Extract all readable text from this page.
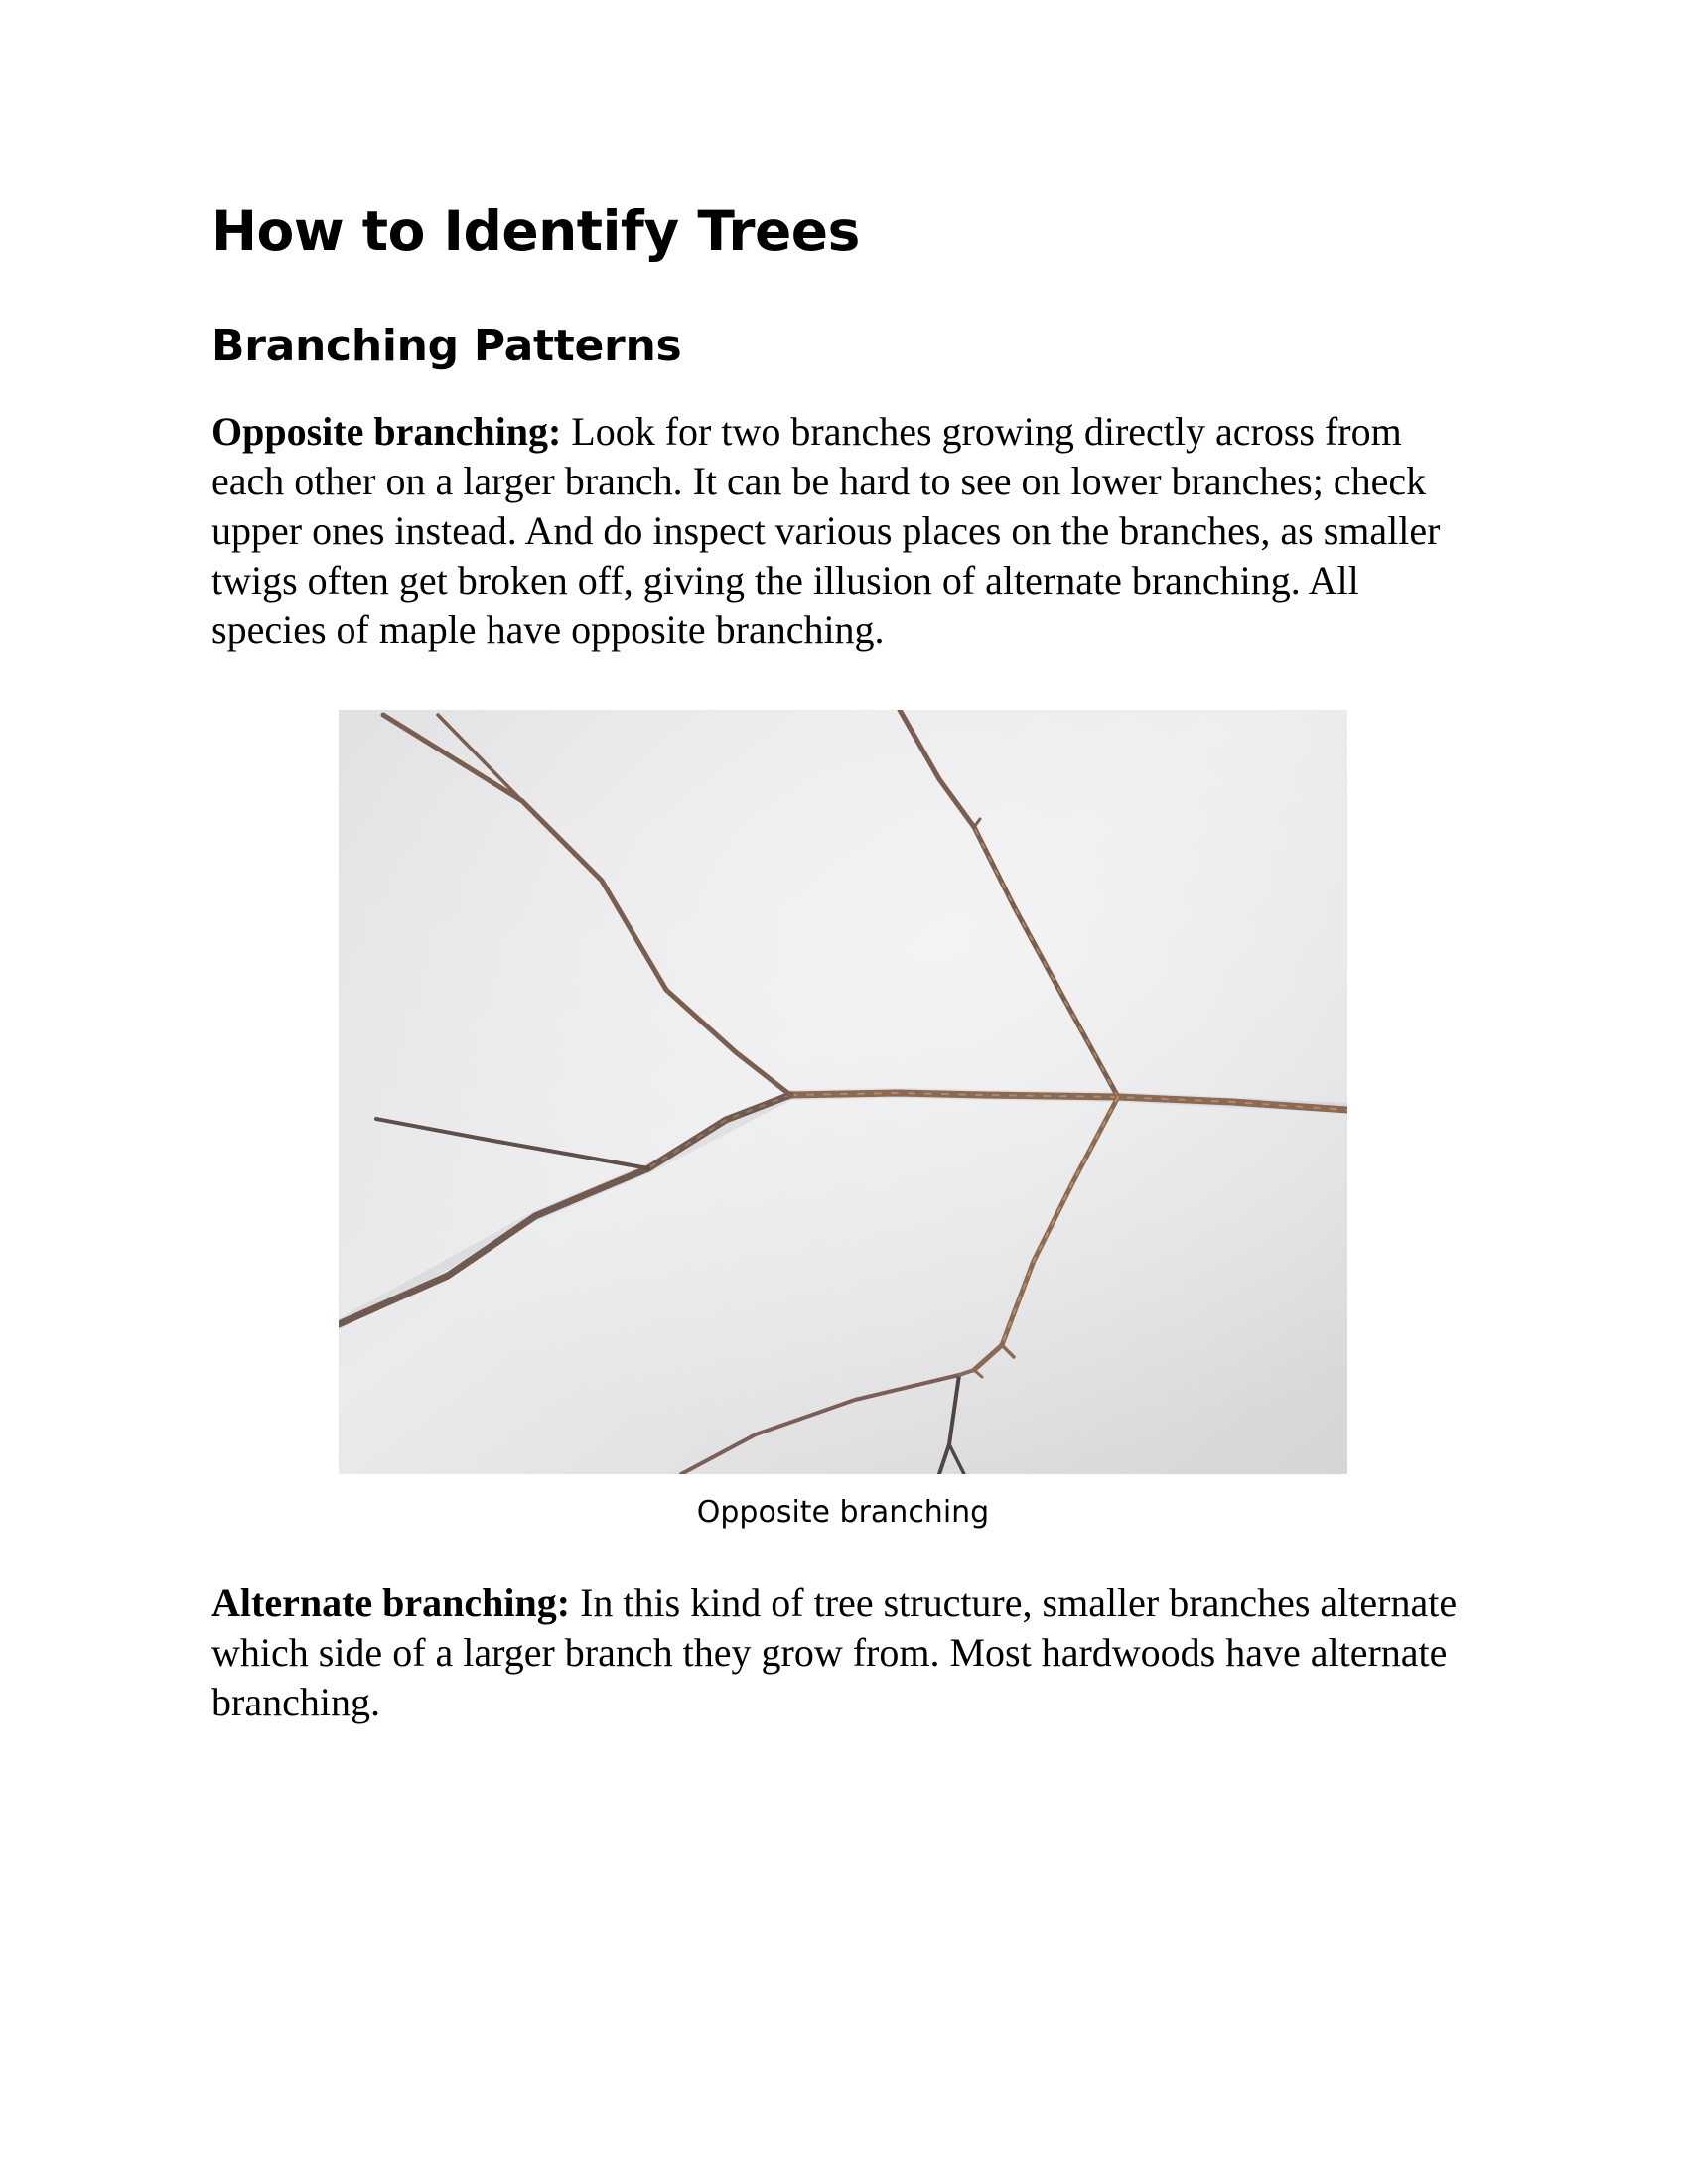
How to Identify Trees
Branching Patterns

Opposite branching: Look for two branches growing directly across from each other on a larger branch. It can be hard to see on lower branches; check upper ones instead. And do inspect various places on the branches, as smaller twigs often get broken off, giving the illusion of alternate branching. All species of maple have opposite branching.

Opposite branching

Alternate branching: In this kind of tree structure, smaller branches alternate which side of a larger branch they grow from. Most hardwoods have alternate branching.
